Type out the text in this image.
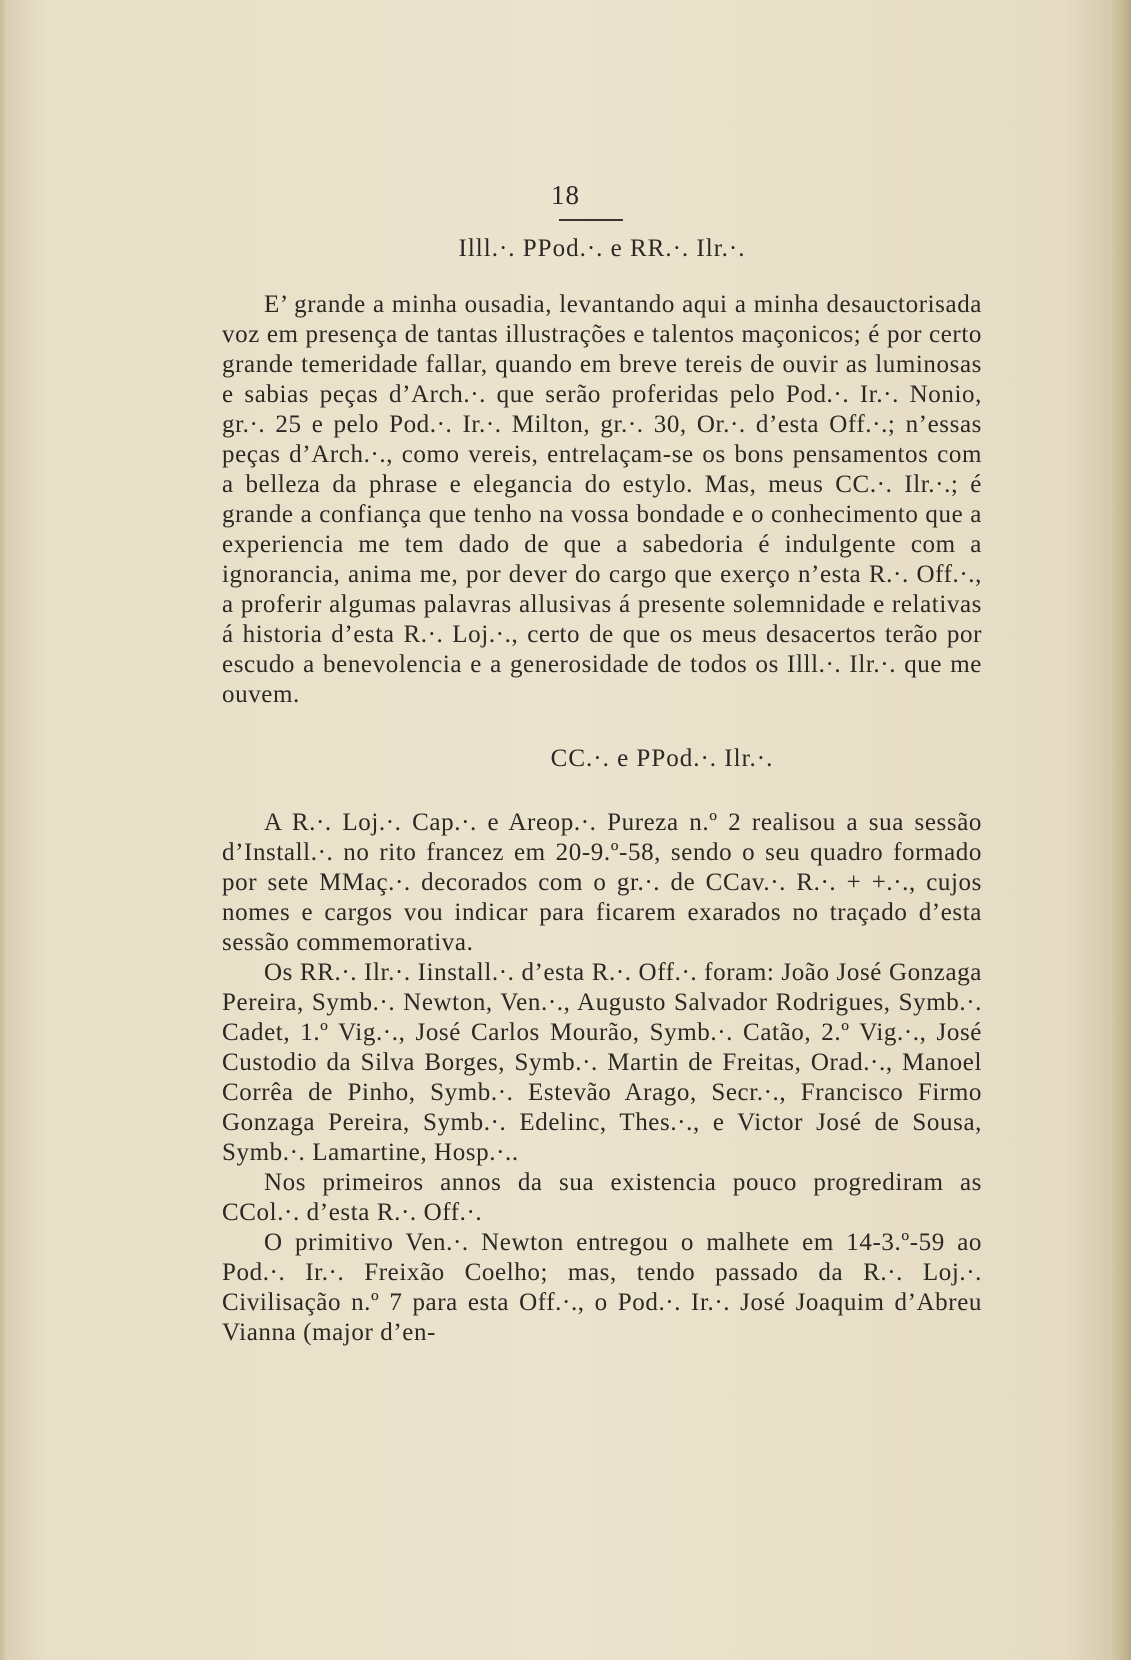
18

Illl.·. PPod.·. e RR.·. Ilr.·.

E’ grande a minha ousadia, levantando aqui a minha desauctorisada voz em presença de tantas illustrações e talentos maçonicos; é por certo grande temeridade fallar, quando em breve tereis de ouvir as luminosas e sabias peças d’Arch.·. que serão proferidas pelo Pod.·. Ir.·. Nonio, gr.·. 25 e pelo Pod.·. Ir.·. Milton, gr.·. 30, Or.·. d’esta Off.·.; n’essas peças d’Arch.·., como vereis, entrelaçam-se os bons pensamentos com a belleza da phrase e elegancia do estylo. Mas, meus CC.·. Ilr.·.; é grande a confiança que tenho na vossa bondade e o conhecimento que a experiencia me tem dado de que a sabedoria é indulgente com a ignorancia, anima me, por dever do cargo que exerço n’esta R.·. Off.·., a proferir algumas palavras allusivas á presente solemnidade e relativas á historia d’esta R.·. Loj.·., certo de que os meus desacertos terão por escudo a benevolencia e a generosidade de todos os Illl.·. Ilr.·. que me ouvem.

CC.·. e PPod.·. Ilr.·.

A R.·. Loj.·. Cap.·. e Areop.·. Pureza n.º 2 realisou a sua sessão d’Install.·. no rito francez em 20-9.º-58, sendo o seu quadro formado por sete MMaç.·. decorados com o gr.·. de CCav.·. R.·. + +.·., cujos nomes e cargos vou indicar para ficarem exarados no traçado d’esta sessão commemorativa.

Os RR.·. Ilr.·. Iinstall.·. d’esta R.·. Off.·. foram: João José Gonzaga Pereira, Symb.·. Newton, Ven.·., Augusto Salvador Rodrigues, Symb.·. Cadet, 1.º Vig.·., José Carlos Mourão, Symb.·. Catão, 2.º Vig.·., José Custodio da Silva Borges, Symb.·. Martin de Freitas, Orad.·., Manoel Corrêa de Pinho, Symb.·. Estevão Arago, Secr.·., Francisco Firmo Gonzaga Pereira, Symb.·. Edelinc, Thes.·., e Victor José de Sousa, Symb.·. Lamartine, Hosp.·..

Nos primeiros annos da sua existencia pouco progrediram as CCol.·. d’esta R.·. Off.·.

O primitivo Ven.·. Newton entregou o malhete em 14-3.º-59 ao Pod.·. Ir.·. Freixão Coelho; mas, tendo passado da R.·. Loj.·. Civilisação n.º 7 para esta Off.·., o Pod.·. Ir.·. José Joaquim d’Abreu Vianna (major d’en-
